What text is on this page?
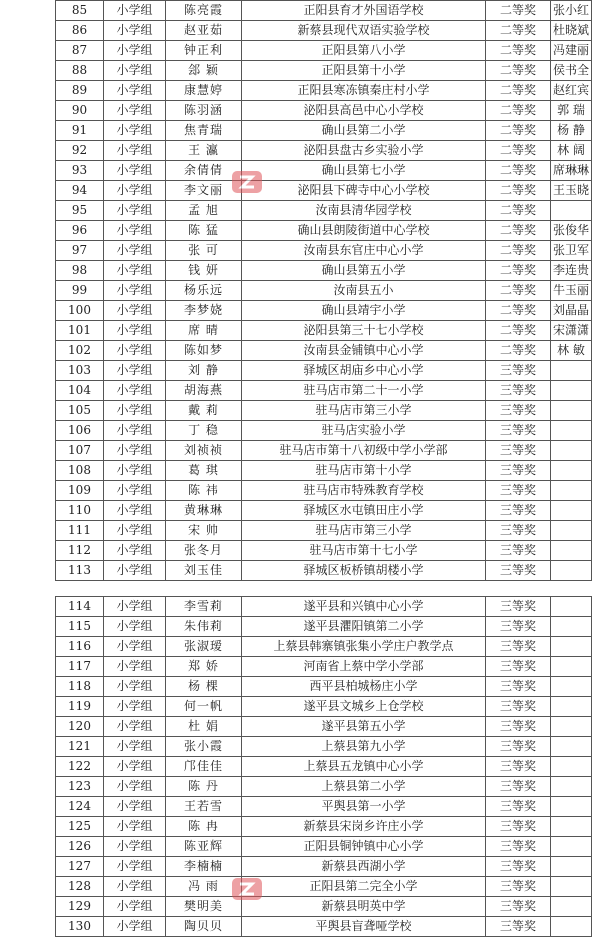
85	小学组	陈亮霞	正阳县育才外国语学校	二等奖	张小红
86	小学组	赵亚茹	新蔡县现代双语实验学校	二等奖	杜晓斌
87	小学组	钟正利	正阳县第八小学	二等奖	冯建丽
88	小学组	郐 颖	正阳县第十小学	二等奖	侯书全
89	小学组	康慧婷	正阳县寒冻镇秦庄村小学	二等奖	赵红宾
90	小学组	陈羽涵	泌阳县高邑中心小学校	二等奖	郭 瑞
91	小学组	焦青瑞	确山县第二小学	二等奖	杨 静
92	小学组	王 瀛	泌阳县盘古乡实验小学	二等奖	林 阔
93	小学组	余倩倩	确山县第七小学	二等奖	席琳琳
94	小学组	李文丽	泌阳县下碑寺中心小学校	二等奖	王玉晓
95	小学组	孟 旭	汝南县清华园学校	二等奖	
96	小学组	陈 猛	确山县朗陵街道中心学校	二等奖	张俊华
97	小学组	张 可	汝南县东官庄中心小学	二等奖	张卫军
98	小学组	钱 妍	确山县第五小学	二等奖	李连贵
99	小学组	杨乐远	汝南县五小	二等奖	牛玉丽
100	小学组	李梦娆	确山县靖宇小学	二等奖	刘晶晶
101	小学组	席 晴	泌阳县第三十七小学校	二等奖	宋潇潇
102	小学组	陈如梦	汝南县金铺镇中心小学	二等奖	林 敏
103	小学组	刘 静	驿城区胡庙乡中心小学	三等奖	
104	小学组	胡海燕	驻马店市第二十一小学	三等奖	
105	小学组	戴 莉	驻马店市第三小学	三等奖	
106	小学组	丁 稳	驻马店实验小学	三等奖	
107	小学组	刘祯祯	驻马店市第十八初级中学小学部	三等奖	
108	小学组	葛 琪	驻马店市第十小学	三等奖	
109	小学组	陈 祎	驻马店市特殊教育学校	三等奖	
110	小学组	黄琳琳	驿城区水屯镇田庄小学	三等奖	
111	小学组	宋 帅	驻马店市第三小学	三等奖	
112	小学组	张冬月	驻马店市第十七小学	三等奖	
113	小学组	刘玉佳	驿城区板桥镇胡楼小学	三等奖	
114	小学组	李雪莉	遂平县和兴镇中心小学	三等奖	
115	小学组	朱伟莉	遂平县灈阳镇第二小学	三等奖	
116	小学组	张淑瑷	上蔡县韩寨镇张集小学庄户教学点	三等奖	
117	小学组	郑 娇	河南省上蔡中学小学部	三等奖	
118	小学组	杨 棵	西平县柏城杨庄小学	三等奖	
119	小学组	何一帆	遂平县文城乡上仓学校	三等奖	
120	小学组	杜 娟	遂平县第五小学	三等奖	
121	小学组	张小霞	上蔡县第九小学	三等奖	
122	小学组	邝佳佳	上蔡县五龙镇中心小学	三等奖	
123	小学组	陈 丹	上蔡县第二小学	三等奖	
124	小学组	王若雪	平舆县第一小学	三等奖	
125	小学组	陈 冉	新蔡县宋岗乡许庄小学	三等奖	
126	小学组	陈亚辉	正阳县铜钟镇中心小学	三等奖	
127	小学组	李楠楠	新蔡县西湖小学	三等奖	
128	小学组	冯 雨	正阳县第二完全小学	三等奖	
129	小学组	樊明美	新蔡县明英中学	三等奖	
130	小学组	陶贝贝	平舆县盲聋哑学校	三等奖	
